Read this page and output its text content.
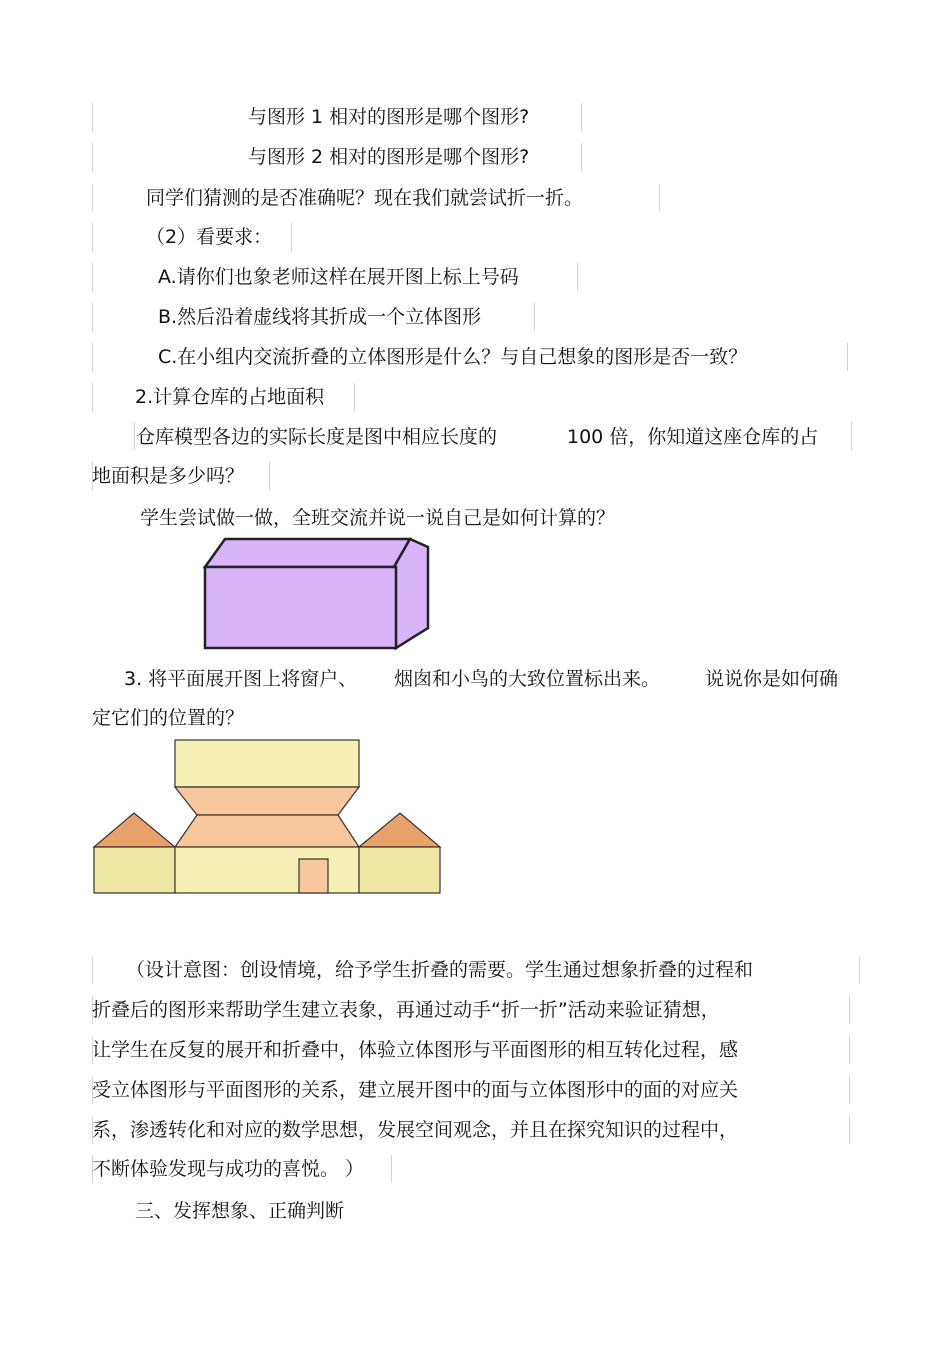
与图形 1 相对的图形是哪个图形?
与图形 2 相对的图形是哪个图形?
同学们猜测的是否准确呢？现在我们就尝试折一折。
（2）看要求：
A.请你们也象老师这样在展开图上标上号码
B.然后沿着虚线将其折成一个立体图形
C.在小组内交流折叠的立体图形是什么？与自己想象的图形是否一致？
2.计算仓库的占地面积
仓库模型各边的实际长度是图中相应长度的	100 倍，你知道这座仓库的占
地面积是多少吗？
学生尝试做一做，全班交流并说一说自己是如何计算的？
3. 将平面展开图上将窗户、 烟囱和小鸟的大致位置标出来。 说说你是如何确
定它们的位置的？
（设计意图：创设情境，给予学生折叠的需要。学生通过想象折叠的过程和
折叠后的图形来帮助学生建立表象，再通过动手“折一折”活动来验证猜想，
让学生在反复的展开和折叠中，体验立体图形与平面图形的相互转化过程，感
受立体图形与平面图形的关系，建立展开图中的面与立体图形中的面的对应关
系，渗透转化和对应的数学思想，发展空间观念，并且在探究知识的过程中，
不断体验发现与成功的喜悦。 ）
三、发挥想象、正确判断
